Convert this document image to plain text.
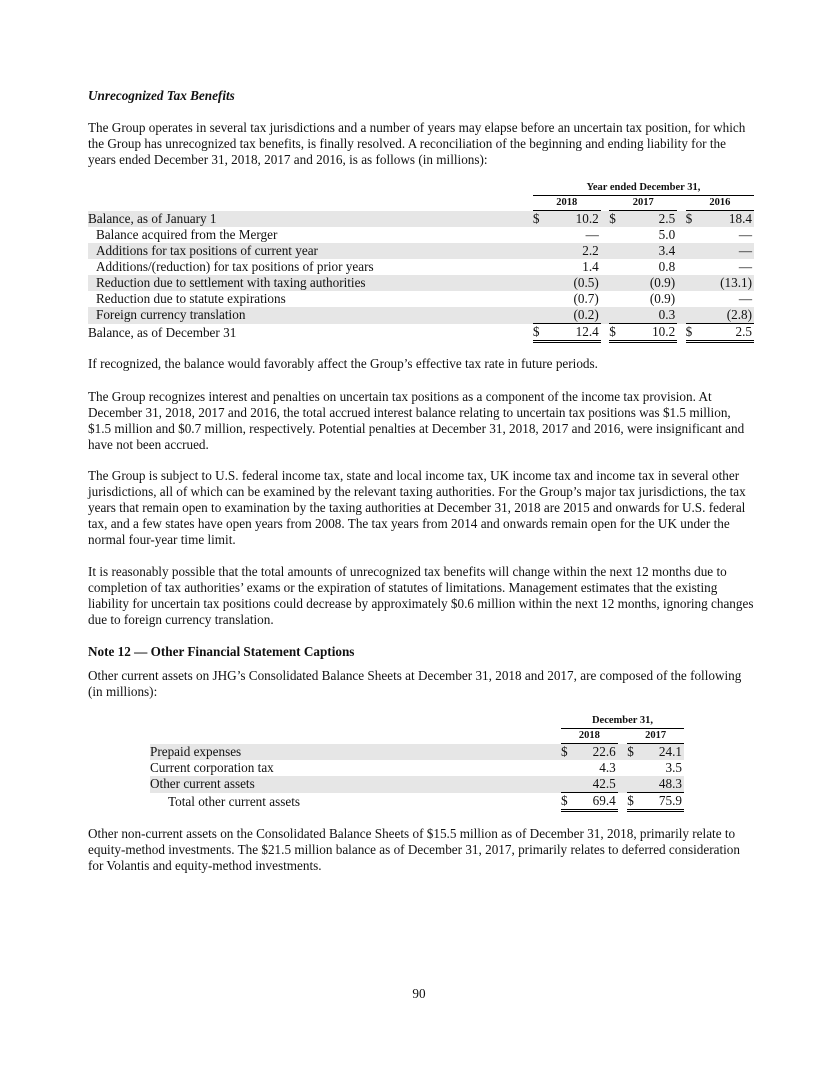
Unrecognized Tax Benefits

The Group operates in several tax jurisdictions and a number of years may elapse before an uncertain tax position, for which the Group has unrecognized tax benefits, is finally resolved. A reconciliation of the beginning and ending liability for the years ended December 31, 2018, 2017 and 2016, is as follows (in millions):

	Year ended December 31,							
	2018			2017			2016	
Balance, as of January 1	$	10.2		$	2.5		$	18.4
Balance acquired from the Merger		—			5.0			—
Additions for tax positions of current year		2.2			3.4			—
Additions/(reduction) for tax positions of prior years		1.4			0.8			—
Reduction due to settlement with taxing authorities		(0.5)			(0.9)			(13.1)
Reduction due to statute expirations		(0.7)			(0.9)			—
Foreign currency translation		(0.2)			0.3			(2.8)
Balance, as of December 31	$	12.4		$	10.2		$	2.5

If recognized, the balance would favorably affect the Group’s effective tax rate in future periods.

The Group recognizes interest and penalties on uncertain tax positions as a component of the income tax provision. At December 31, 2018, 2017 and 2016, the total accrued interest balance relating to uncertain tax positions was $1.5 million, $1.5 million and $0.7 million, respectively. Potential penalties at December 31, 2018, 2017 and 2016, were insignificant and have not been accrued.

The Group is subject to U.S. federal income tax, state and local income tax, UK income tax and income tax in several other jurisdictions, all of which can be examined by the relevant taxing authorities. For the Group’s major tax jurisdictions, the tax years that remain open to examination by the taxing authorities at December 31, 2018 are 2015 and onwards for U.S. federal tax, and a few states have open years from 2008. The tax years from 2014 and onwards remain open for the UK under the normal four-year time limit.

It is reasonably possible that the total amounts of unrecognized tax benefits will change within the next 12 months due to completion of tax authorities’ exams or the expiration of statutes of limitations. Management estimates that the existing liability for uncertain tax positions could decrease by approximately $0.6 million within the next 12 months, ignoring changes due to foreign currency translation.

Note 12 — Other Financial Statement Captions

Other current assets on JHG’s Consolidated Balance Sheets at December 31, 2018 and 2017, are composed of the following (in millions):

	December 31,				
	2018			2017	
Prepaid expenses	$	22.6		$	24.1
Current corporation tax		4.3			3.5
Other current assets		42.5			48.3
Total other current assets	$	69.4		$	75.9

Other non-current assets on the Consolidated Balance Sheets of $15.5 million as of December 31, 2018, primarily relate to equity-method investments. The $21.5 million balance as of December 31, 2017, primarily relates to deferred consideration for Volantis and equity-method investments.

90
